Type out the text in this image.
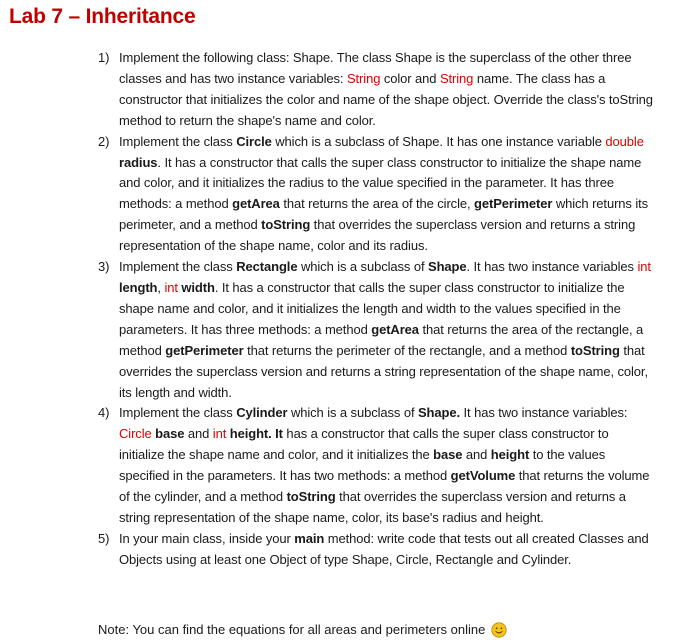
Lab 7 – Inheritance
1) Implement the following class: Shape. The class Shape is the superclass of the other three classes and has two instance variables: String color and String name. The class has a constructor that initializes the color and name of the shape object. Override the class's toString method to return the shape's name and color.
2) Implement the class Circle which is a subclass of Shape. It has one instance variable double radius. It has a constructor that calls the super class constructor to initialize the shape name and color, and it initializes the radius to the value specified in the parameter. It has three methods: a method getArea that returns the area of the circle, getPerimeter which returns its perimeter, and a method toString that overrides the superclass version and returns a string representation of the shape name, color and its radius.
3) Implement the class Rectangle which is a subclass of Shape. It has two instance variables int length, int width. It has a constructor that calls the super class constructor to initialize the shape name and color, and it initializes the length and width to the values specified in the parameters. It has three methods: a method getArea that returns the area of the rectangle, a method getPerimeter that returns the perimeter of the rectangle, and a method toString that overrides the superclass version and returns a string representation of the shape name, color, its length and width.
4) Implement the class Cylinder which is a subclass of Shape. It has two instance variables: Circle base and int height. It has a constructor that calls the super class constructor to initialize the shape name and color, and it initializes the base and height to the values specified in the parameters. It has two methods: a method getVolume that returns the volume of the cylinder, and a method toString that overrides the superclass version and returns a string representation of the shape name, color, its base's radius and height.
5) In your main class, inside your main method: write code that tests out all created Classes and Objects using at least one Object of type Shape, Circle, Rectangle and Cylinder.
Note: You can find the equations for all areas and perimeters online
